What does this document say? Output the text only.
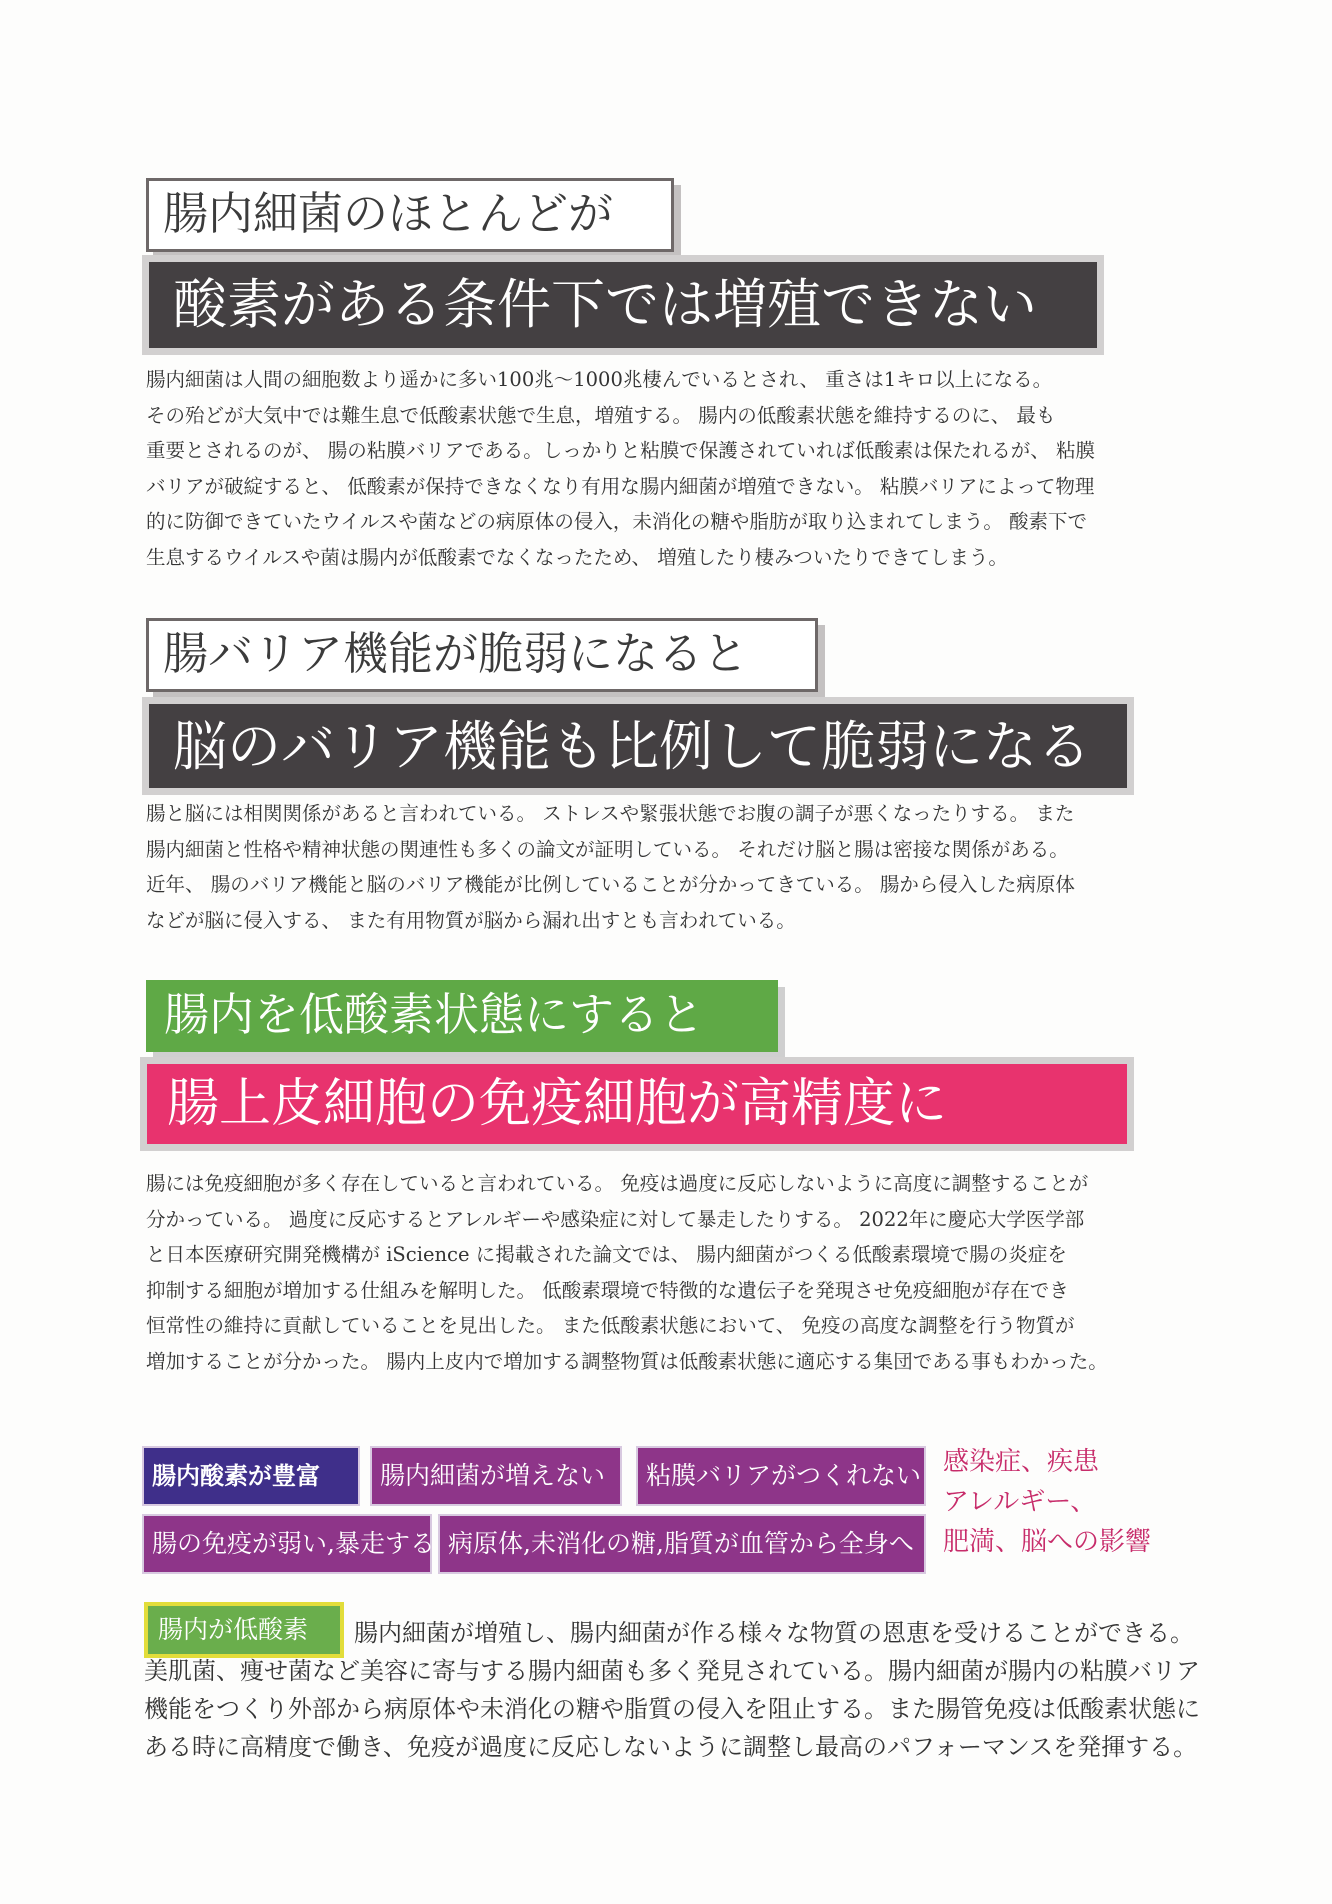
腸内細菌のほとんどが
酸素がある条件下では増殖できない
腸内細菌は人間の細胞数より遥かに多い100兆～1000兆棲んでいるとされ、 重さは1キロ以上になる。
その殆どが大気中では難生息で低酸素状態で生息，増殖する。 腸内の低酸素状態を維持するのに、 最も
重要とされるのが、 腸の粘膜バリアである。しっかりと粘膜で保護されていれば低酸素は保たれるが、 粘膜
バリアが破綻すると、 低酸素が保持できなくなり有用な腸内細菌が増殖できない。 粘膜バリアによって物理
的に防御できていたウイルスや菌などの病原体の侵入，未消化の糖や脂肪が取り込まれてしまう。 酸素下で
生息するウイルスや菌は腸内が低酸素でなくなったため、 増殖したり棲みついたりできてしまう。
腸バリア機能が脆弱になると
脳のバリア機能も比例して脆弱になる
腸と脳には相関関係があると言われている。 ストレスや緊張状態でお腹の調子が悪くなったりする。 また
腸内細菌と性格や精神状態の関連性も多くの論文が証明している。 それだけ脳と腸は密接な関係がある。
近年、 腸のバリア機能と脳のバリア機能が比例していることが分かってきている。 腸から侵入した病原体
などが脳に侵入する、 また有用物質が脳から漏れ出すとも言われている。
腸内を低酸素状態にすると
腸上皮細胞の免疫細胞が高精度に
腸には免疫細胞が多く存在していると言われている。 免疫は過度に反応しないように高度に調整することが
分かっている。 過度に反応するとアレルギーや感染症に対して暴走したりする。 2022年に慶応大学医学部
と日本医療研究開発機構が iScience に掲載された論文では、 腸内細菌がつくる低酸素環境で腸の炎症を
抑制する細胞が増加する仕組みを解明した。 低酸素環境で特徴的な遺伝子を発現させ免疫細胞が存在でき
恒常性の維持に貢献していることを見出した。 また低酸素状態において、 免疫の高度な調整を行う物質が
増加することが分かった。 腸内上皮内で増加する調整物質は低酸素状態に適応する集団である事もわかった。
腸内酸素が豊富	腸内細菌が増えない	粘膜バリアがつくれない
腸の免疫が弱い,暴走する 病原体,未消化の糖,脂質が血管から全身へ
感染症、疾患
アレルギー、
肥満、脳への影響
腸内が低酸素	腸内細菌が増殖し、腸内細菌が作る様々な物質の恩恵を受けることができる。
美肌菌、痩せ菌など美容に寄与する腸内細菌も多く発見されている。腸内細菌が腸内の粘膜バリア
機能をつくり外部から病原体や未消化の糖や脂質の侵入を阻止する。また腸管免疫は低酸素状態に
ある時に高精度で働き、免疫が過度に反応しないように調整し最高のパフォーマンスを発揮する。
